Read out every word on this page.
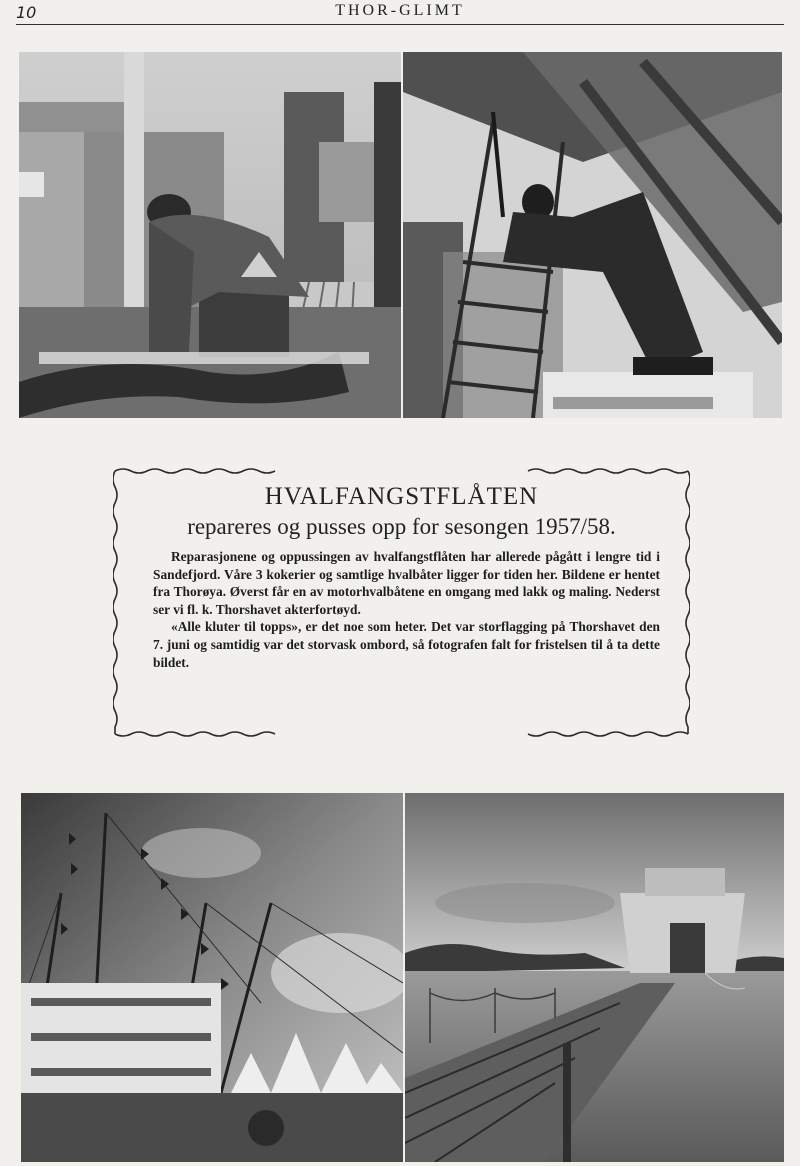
10	THOR-GLIMT
HVALFANGSTFLÅTEN
repareres og pusses opp for sesongen 1957/58.

Reparasjonene og oppussingen av hvalfangstflåten har allerede pågått i lengre tid i Sandefjord. Våre 3 kokerier og samtlige hvalbåter ligger for tiden her. Bildene er hentet fra Thorøya. Øverst får en av motorhvalbåtene en omgang med lakk og maling. Nederst ser vi fl. k. Thorshavet akterfortøyd.

«Alle kluter til topps», er det noe som heter. Det var storflagging på Thorshavet den 7. juni og samtidig var det storvask ombord, så fotografen falt for fristelsen til å ta dette bildet.
